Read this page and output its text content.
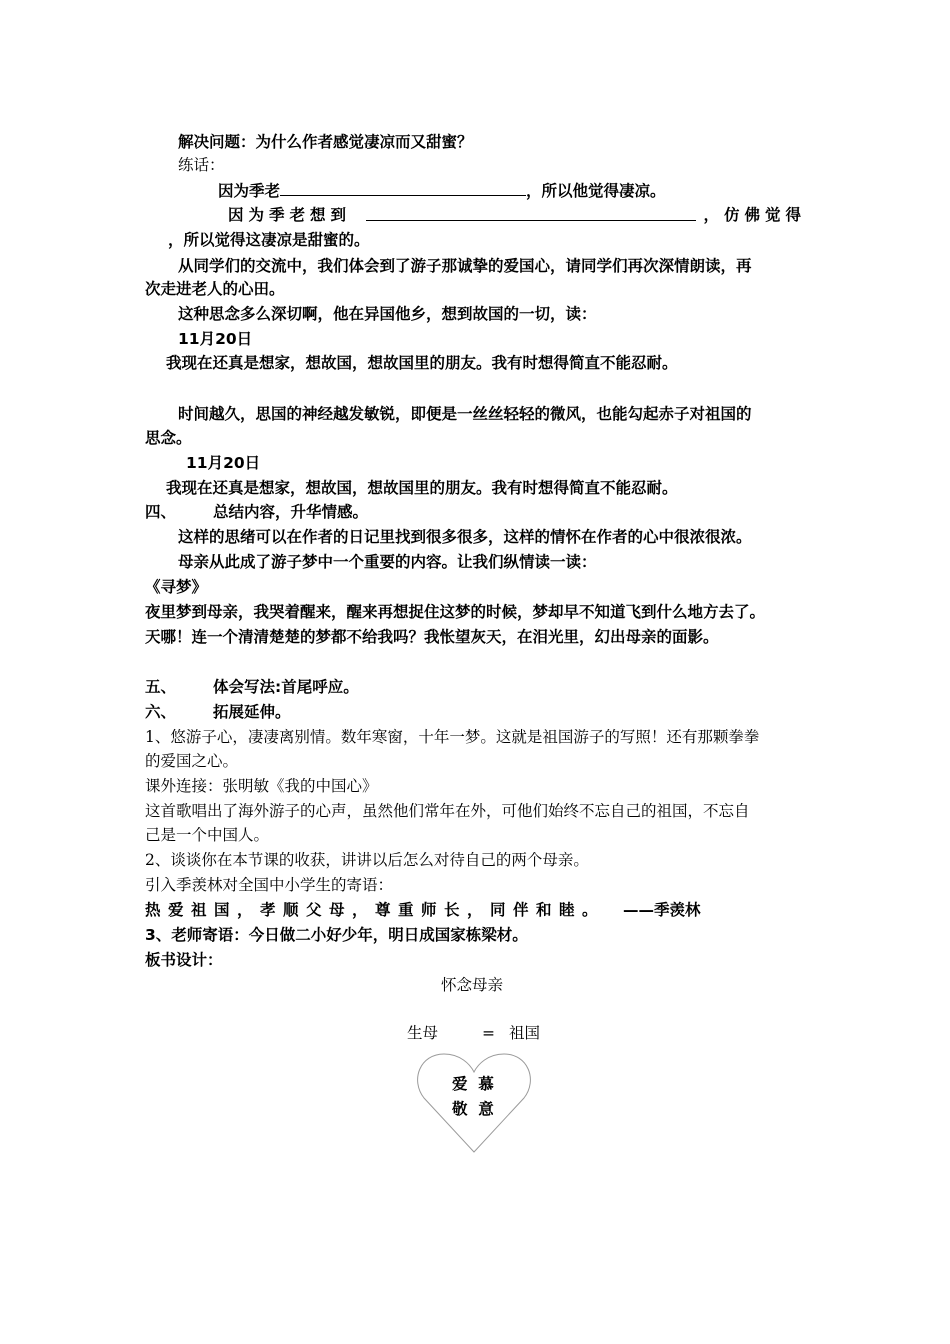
解决问题：为什么作者感觉凄凉而又甜蜜？
练话：
因为季老	，所以他觉得凄凉。
因为季老想到	，仿佛觉得
，所以觉得这凄凉是甜蜜的。
从同学们的交流中，我们体会到了游子那诚挚的爱国心，请同学们再次深情朗读，再
次走进老人的心田。
这种思念多么深切啊，他在异国他乡，想到故国的一切，读：
11月20日
我现在还真是想家，想故国，想故国里的朋友。我有时想得简直不能忍耐。
时间越久，思国的神经越发敏锐，即便是一丝丝轻轻的微风，也能勾起赤子对祖国的
思念。
11月20日
我现在还真是想家，想故国，想故国里的朋友。我有时想得简直不能忍耐。
四、 总结内容，升华情感。
这样的思绪可以在作者的日记里找到很多很多，这样的情怀在作者的心中很浓很浓。
母亲从此成了游子梦中一个重要的内容。让我们纵情读一读：
《寻梦》
夜里梦到母亲，我哭着醒来，醒来再想捉住这梦的时候，梦却早不知道飞到什么地方去了。
天哪！连一个清清楚楚的梦都不给我吗？我怅望灰天，在泪光里，幻出母亲的面影。
五、 体会写法:首尾呼应。
六、 拓展延伸。
1、悠游子心，凄凄离别情。数年寒窗，十年一梦。这就是祖国游子的写照！还有那颗拳拳
的爱国之心。
课外连接：张明敏《我的中国心》
这首歌唱出了海外游子的心声，虽然他们常年在外，可他们始终不忘自己的祖国，不忘自
己是一个中国人。
2、谈谈你在本节课的收获，讲讲以后怎么对待自己的两个母亲。
引入季羡林对全国中小学生的寄语：
热爱祖国，孝顺父母，尊重师长，同伴和睦。 ——季羡林
3、老师寄语：今日做二小好少年，明日成国家栋梁材。
板书设计：
怀念母亲
生母	= 祖国
爱  慕
敬  意
